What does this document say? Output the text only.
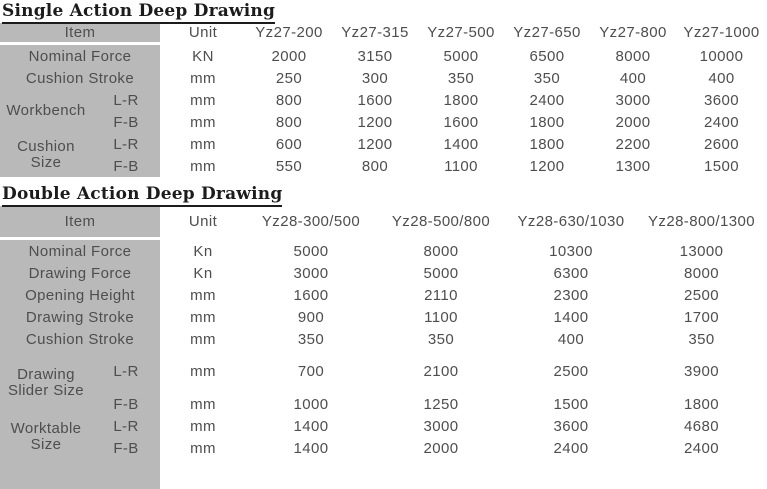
Single Action Deep Drawing
Item		Unit	Yz27-200	Yz27-315	Yz27-500	Yz27-650	Yz27-800	Yz27-1000
Nominal Force		KN	2000	3150	5000	6500	8000	10000
Cushion Stroke		mm	250	300	350	350	400	400
Workbench	L-R	mm	800	1600	1800	2400	3000	3600
	F-B	mm	800	1200	1600	1800	2000	2400
Cushion Size	L-R	mm	600	1200	1400	1800	2200	2600
	F-B	mm	550	800	1100	1200	1300	1500
Double Action Deep Drawing
Item		Unit	Yz28-300/500	Yz28-500/800	Yz28-630/1030	Yz28-800/1300
Nominal Force		Kn	5000	8000	10300	13000
Drawing Force		Kn	3000	5000	6300	8000
Opening Height		mm	1600	2110	2300	2500
Drawing Stroke		mm	900	1100	1400	1700
Cushion Stroke		mm	350	350	400	350
Drawing Slider Size	L-R	mm	700	2100	2500	3900
	F-B	mm	1000	1250	1500	1800
Worktable Size	L-R	mm	1400	3000	3600	4680
	F-B	mm	1400	2000	2400	2400
